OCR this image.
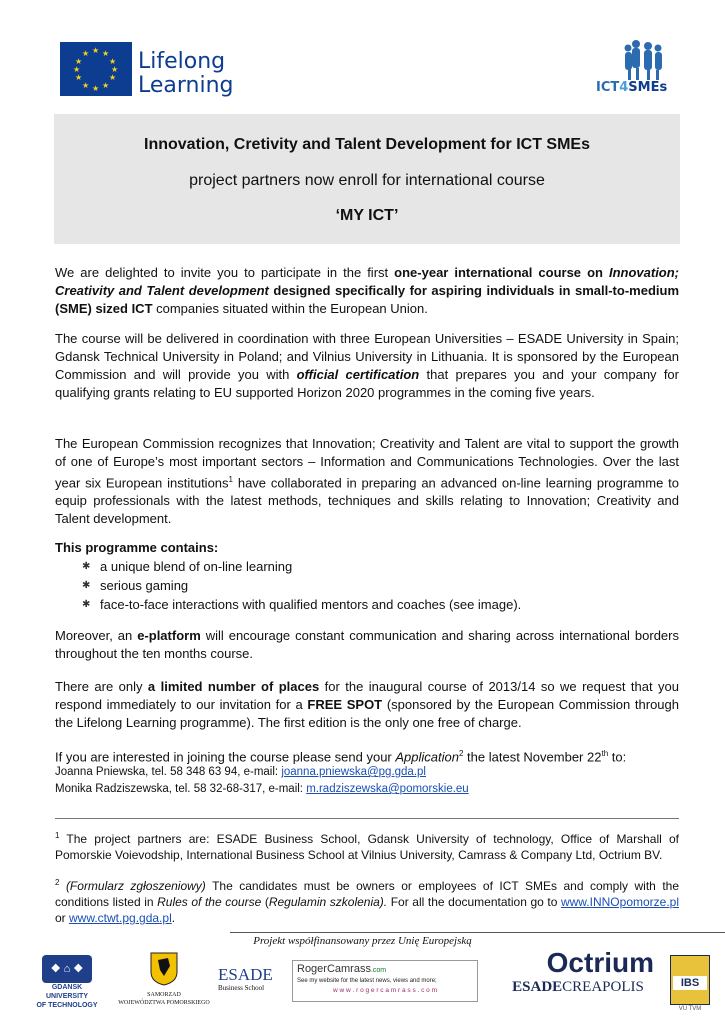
★ ★
★
★
★
★
★
★
★
★
★
★ Lifelong
Learning	ICT4SMEs
Innovation, Cretivity and Talent Development for ICT SMEs
project partners now enroll for international course
‘MY ICT’
We are delighted to invite you to participate in the first one-year international course on Innovation; Creativity and Talent development designed specifically for aspiring individuals in small-to-medium (SME) sized ICT companies situated within the European Union.
The course will be delivered in coordination with three European Universities – ESADE University in Spain; Gdansk Technical University in Poland; and Vilnius University in Lithuania. It is sponsored by the European Commission and will provide you with official certification that prepares you and your company for qualifying grants relating to EU supported Horizon 2020 programmes in the coming five years.
The European Commission recognizes that Innovation; Creativity and Talent are vital to support the growth of one of Europe’s most important sectors – Information and Communications Technologies. Over the last year six European institutions$^1$ have collaborated in preparing an advanced on-line learning programme to equip professionals with the latest methods, techniques and skills relating to Innovation; Creativity and Talent development.
This programme contains:
✱ a unique blend of on-line learning
✱ serious gaming
✱ face-to-face interactions with qualified mentors and coaches (see image).
Moreover, an e-platform will encourage constant communication and sharing across international borders throughout the ten months course.
There are only a limited number of places for the inaugural course of 2013/14 so we request that you respond immediately to our invitation for a FREE SPOT (sponsored by the European Commission through the Lifelong Learning programme). The first edition is the only one free of charge.
If you are interested in joining the course please send your Application$^2$ the latest November 22th to:
Joanna Pniewska, tel. 58 348 63 94, e-mail: joanna.pniewska@pg.gda.pl
Monika Radziszewska, tel. 58 32-68-317, e-mail: m.radziszewska@pomorskie.eu
$^1$ The project partners are: ESADE Business School, Gdansk University of technology, Office of Marshall of Pomorskie Voievodship, International Business School at Vilnius University, Camrass & Company Ltd, Octrium BV.
$^2$ (Formularz zgłoszeniowy) The candidates must be owners or employees of ICT SMEs and comply with the conditions listed in Rules of the course (Regulamin szkolenia). For all the documentation go to www.INNOpomorze.pl or www.ctwt.pg.gda.pl.
Projekt współfinansowany przez Unię Europejską
❖ ⌂ ❖
GDANSK UNIVERSITY
OF TECHNOLOGY
SAMORZAD
WOJEWÓDZTWA POMORSKIEGO
ESADE
Business School
RogerCamrass.com
See my website for the latest news, views and more;
w w w . r o g e r c a m r a s s . c o m
Octrium
ESADECREAPOLIS	IBS
VU TVM
